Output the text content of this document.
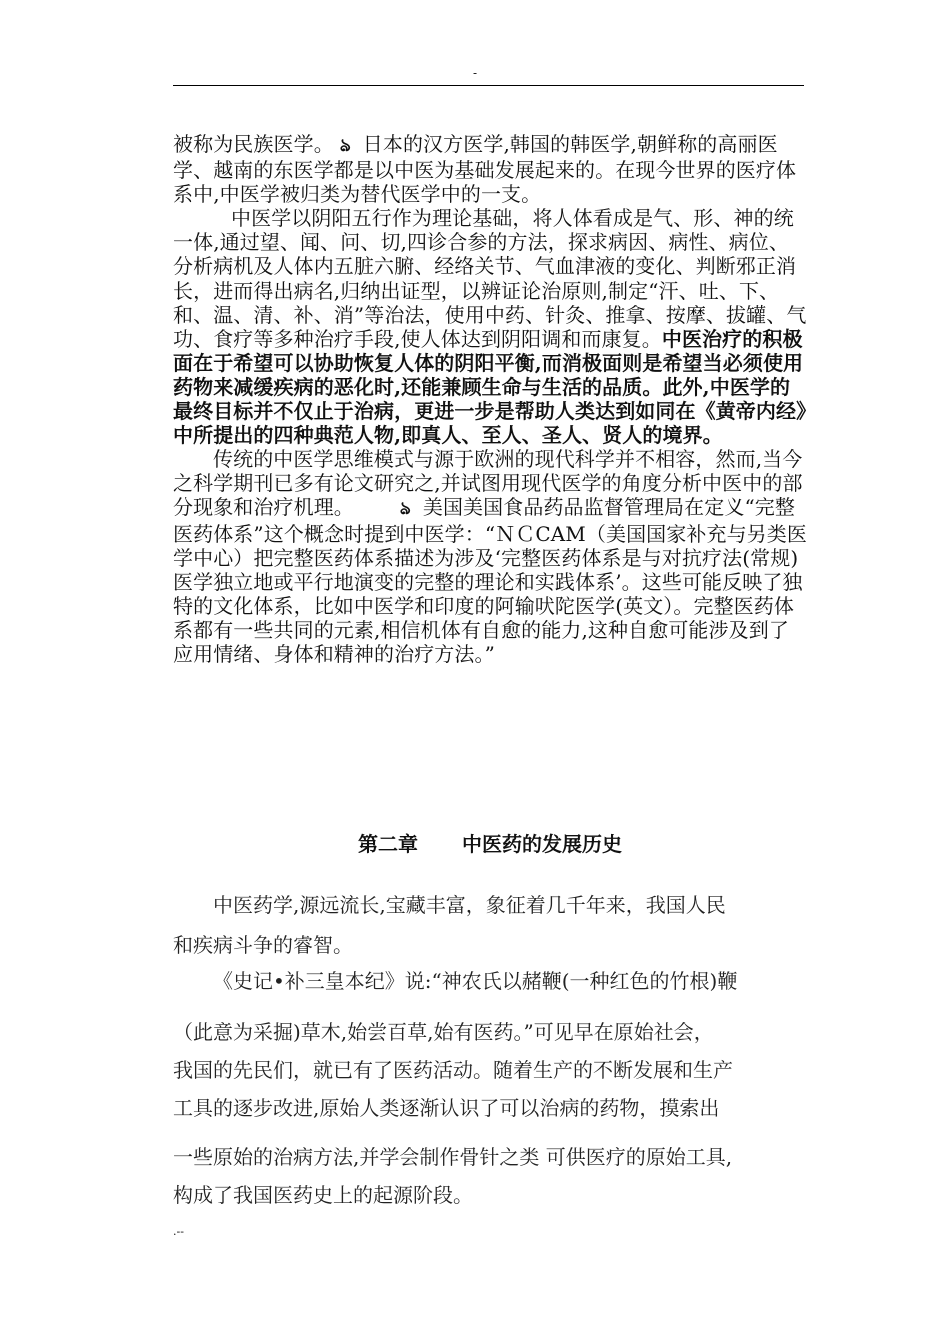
-

被称为民族医学。 ঌ 日本的汉方医学,韩国的韩医学,朝鲜称的高丽医学、越南的东医学都是以中医为基础发展起来的。在现今世界的医疗体系中,中医学被归类为替代医学中的一支。

中医学以阴阳五行作为理论基础，将人体看成是气、形、神的统一体,通过望、闻、问、切,四诊合参的方法，探求病因、病性、病位、分析病机及人体内五脏六腑、经络关节、气血津液的变化、判断邪正消长，进而得出病名,归纳出证型，以辨证论治原则,制定“汗、吐、下、和、温、清、补、消”等治法，使用中药、针灸、推拿、按摩、拔罐、气功、食疗等多种治疗手段,使人体达到阴阳调和而康复。中医治疗的积极面在于希望可以协助恢复人体的阴阳平衡,而消极面则是希望当必须使用药物来减缓疾病的恶化时,还能兼顾生命与生活的品质。此外,中医学的最终目标并不仅止于治病，更进一步是帮助人类达到如同在《黄帝内经》中所提出的四种典范人物,即真人、至人、圣人、贤人的境界。

传统的中医学思维模式与源于欧洲的现代科学并不相容，然而,当今之科学期刊已多有论文研究之,并试图用现代医学的角度分析中医中的部分现象和治疗机理。	ঌ 美国美国食品药品监督管理局在定义“完整医药体系”这个概念时提到中医学：“ＮＣCAM（美国国家补充与另类医学中心）把完整医药体系描述为涉及‘完整医药体系是与对抗疗法(常规)医学独立地或平行地演变的完整的理论和实践体系’。这些可能反映了独特的文化体系，比如中医学和印度的阿输吠陀医学(英文）。完整医药体系都有一些共同的元素,相信机体有自愈的能力,这种自愈可能涉及到了应用情绪、身体和精神的治疗方法。”

第二章 中医药的发展历史

中医药学,源远流长,宝藏丰富，象征着几千年来，我国人民

和疾病斗争的睿智。

《史记•补三皇本纪》说:“神农氏以赭鞭(一种红色的竹根)鞭

（此意为采掘)草木,始尝百草,始有医药。”可见早在原始社会，

我国的先民们，就已有了医药活动。随着生产的不断发展和生产

工具的逐步改进,原始人类逐渐认识了可以治病的药物，摸索出

一些原始的治病方法,并学会制作骨针之类 可供医疗的原始工具,

构成了我国医药史上的起源阶段。

.--
